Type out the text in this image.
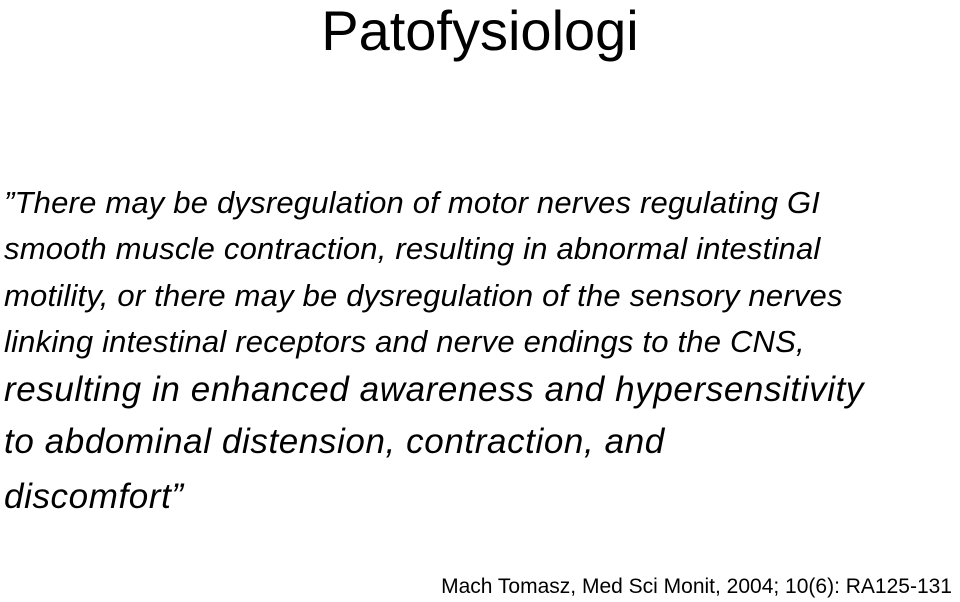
Patofysiologi
”There may be dysregulation of motor nerves regulating GI
smooth muscle contraction, resulting in abnormal intestinal
motility, or there may be dysregulation of the sensory nerves
linking intestinal receptors and nerve endings to the CNS,
resulting in enhanced awareness and hypersensitivity
to abdominal distension, contraction, and
discomfort”
Mach Tomasz, Med Sci Monit, 2004; 10(6): RA125-131
